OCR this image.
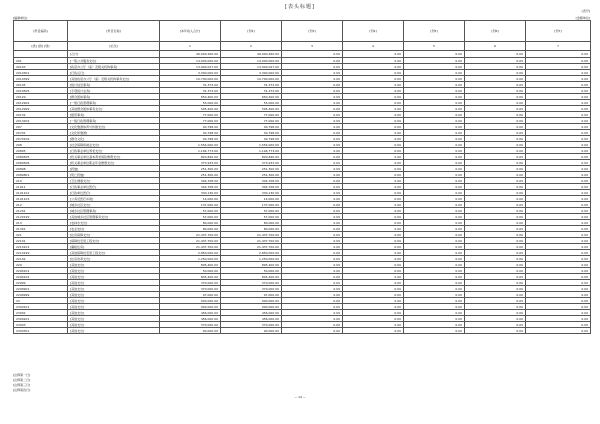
[表头标题]
[表号]
[编制单位]	[金额单位]
[科目编码]	[科目名称]	[本年收入合计]	[列2]	[列3]	[列4]	[列5]	[列6]	[列7]
[类] [款] [项]	[栏次]	1	2	3	4	5	6	7
	[合计]	46,000,260.00	46,000,260.00	0.00	0.00	0.00	0.00	0.00
201	[一般公共服务支出]	14,000,000.00	14,000,000.00	0.00	0.00	0.00	0.00	0.00
20103	[政府办公厅（室）及相关机构事务]	13,900,027.00	13,900,027.00	0.00	0.00	0.00	0.00	0.00
2010301	[行政运行]	3,300,000.00	3,300,000.00	0.00	0.00	0.00	0.00	0.00
2010399	[其他政府办公厅（室）及相关机构事务支出]	10,700,000.00	10,700,000.00	0.00	0.00	0.00	0.00	0.00
20105	[统计信息事务]	31,373.00	31,373.00	0.00	0.00	0.00	0.00	0.00
2010505	[专项统计业务]	31,373.00	31,373.00	0.00	0.00	0.00	0.00	0.00
20129	[群众团体事务]	650,400.00	650,400.00	0.00	0.00	0.00	0.00	0.00
2012902	[一般行政管理事务]	55,000.00	55,000.00	0.00	0.00	0.00	0.00	0.00
2012999	[其他群众团体事务支出]	595,400.00	595,400.00	0.00	0.00	0.00	0.00	0.00
20132	[组织事务]	77,000.00	77,000.00	0.00	0.00	0.00	0.00	0.00
2013202	[一般行政管理事务]	77,000.00	77,000.00	0.00	0.00	0.00	0.00	0.00
207	[文化旅游体育与传媒支出]	40,798.00	40,798.00	0.00	0.00	0.00	0.00	0.00
20701	[文化和旅游]	40,798.00	40,798.00	0.00	0.00	0.00	0.00	0.00
2070109	[群众文化]	40,798.00	40,798.00	0.00	0.00	0.00	0.00	0.00
208	[社会保障和就业支出]	1,554,000.00	1,554,000.00	0.00	0.00	0.00	0.00	0.00
20805	[行政事业单位养老支出]	1,194,773.00	1,194,773.00	0.00	0.00	0.00	0.00	0.00
2080505	[机关事业单位基本养老保险缴费支出]	820,840.00	820,840.00	0.00	0.00	0.00	0.00	0.00
2080506	[机关事业单位职业年金缴费支出]	373,933.00	373,933.00	0.00	0.00	0.00	0.00	0.00
20808	[抚恤]	251,300.00	251,300.00	0.00	0.00	0.00	0.00	0.00
2080801	[死亡抚恤]	251,300.00	251,300.00	0.00	0.00	0.00	0.00	0.00
210	[卫生健康支出]	344,708.00	344,708.00	0.00	0.00	0.00	0.00	0.00
21011	[行政事业单位医疗]	344,708.00	344,708.00	0.00	0.00	0.00	0.00	0.00
2101101	[行政单位医疗]	330,130.00	330,130.00	0.00	0.00	0.00	0.00	0.00
2101103	[公务员医疗补助]	14,000.00	14,000.00	0.00	0.00	0.00	0.00	0.00
212	[城乡社区支出]	137,000.00	137,000.00	0.00	0.00	0.00	0.00	0.00
21201	[城乡社区管理事务]	57,000.00	57,000.00	0.00	0.00	0.00	0.00	0.00
2120199	[其他城乡社区管理事务支出]	57,000.00	57,000.00	0.00	0.00	0.00	0.00	0.00
213	[农林水支出]	80,000.00	80,000.00	0.00	0.00	0.00	0.00	0.00
21301	[农业农村]	80,000.00	80,000.00	0.00	0.00	0.00	0.00	0.00
221	[住房保障支出]	21,437,700.00	21,437,700.00	0.00	0.00	0.00	0.00	0.00
22101	[保障性安居工程支出]	21,437,700.00	21,437,700.00	0.00	0.00	0.00	0.00	0.00
2210101	[廉租住房]	21,437,700.00	21,437,700.00	0.00	0.00	0.00	0.00	0.00
2210199	[其他保障性安居工程支出]	2,850,000.00	2,850,000.00	0.00	0.00	0.00	0.00	0.00
22102	[住房改革支出]	1,250,000.00	1,250,000.00	0.00	0.00	0.00	0.00	0.00
229	[其他支出]	895,400.00	895,400.00	0.00	0.00	0.00	0.00	0.00
2290101	[其他支出]	50,000.00	50,000.00	0.00	0.00	0.00	0.00	0.00
2290102	[其他支出]	845,400.00	845,400.00	0.00	0.00	0.00	0.00	0.00
22999	[其他支出]	370,000.00	370,000.00	0.00	0.00	0.00	0.00	0.00
2299901	[其他支出]	370,000.00	370,000.00	0.00	0.00	0.00	0.00	0.00
2299999	[其他支出]	97,000.00	97,000.00	0.00	0.00	0.00	0.00	0.00
23	[其他支出]	900,000.00	900,000.00	0.00	0.00	0.00	0.00	0.00
2300101	[其他支出]	900,000.00	900,000.00	0.00	0.00	0.00	0.00	0.00
23002	[其他支出]	456,000.00	456,000.00	0.00	0.00	0.00	0.00	0.00
2300201	[其他支出]	456,000.00	456,000.00	0.00	0.00	0.00	0.00	0.00
23003	[其他支出]	370,000.00	370,000.00	0.00	0.00	0.00	0.00	0.00
2300301	[其他支出]	90,000.00	90,000.00	0.00	0.00	0.00	0.00	0.00
[注释第一行]
[注释第二行]
[注释第三行]
[注释第四行]
— 14 —
